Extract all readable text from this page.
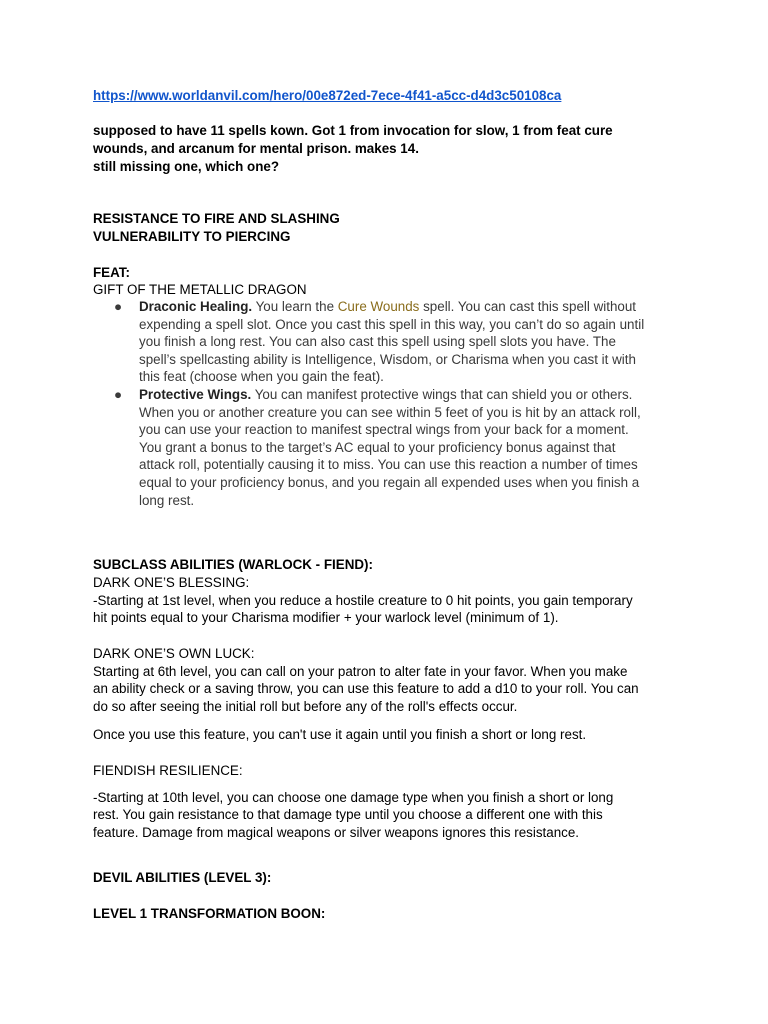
https://www.worldanvil.com/hero/00e872ed-7ece-4f41-a5cc-d4d3c50108ca
supposed to have 11 spells kown. Got 1 from invocation for slow, 1 from feat cure
wounds, and arcanum for mental prison. makes 14.
still missing one, which one?
RESISTANCE TO FIRE AND SLASHING
VULNERABILITY TO PIERCING
FEAT:
GIFT OF THE METALLIC DRAGON
● Draconic Healing. You learn the Cure Wounds spell. You can cast this spell without
expending a spell slot. Once you cast this spell in this way, you can’t do so again until
you finish a long rest. You can also cast this spell using spell slots you have. The
spell’s spellcasting ability is Intelligence, Wisdom, or Charisma when you cast it with
this feat (choose when you gain the feat).
● Protective Wings. You can manifest protective wings that can shield you or others.
When you or another creature you can see within 5 feet of you is hit by an attack roll,
you can use your reaction to manifest spectral wings from your back for a moment.
You grant a bonus to the target’s AC equal to your proficiency bonus against that
attack roll, potentially causing it to miss. You can use this reaction a number of times
equal to your proficiency bonus, and you regain all expended uses when you finish a
long rest.
SUBCLASS ABILITIES (WARLOCK - FIEND):
DARK ONE’S BLESSING:
-Starting at 1st level, when you reduce a hostile creature to 0 hit points, you gain temporary
hit points equal to your Charisma modifier + your warlock level (minimum of 1).
DARK ONE’S OWN LUCK:
Starting at 6th level, you can call on your patron to alter fate in your favor. When you make
an ability check or a saving throw, you can use this feature to add a d10 to your roll. You can
do so after seeing the initial roll but before any of the roll's effects occur.
Once you use this feature, you can't use it again until you finish a short or long rest.
FIENDISH RESILIENCE:
-Starting at 10th level, you can choose one damage type when you finish a short or long
rest. You gain resistance to that damage type until you choose a different one with this
feature. Damage from magical weapons or silver weapons ignores this resistance.
DEVIL ABILITIES (LEVEL 3):
LEVEL 1 TRANSFORMATION BOON:
